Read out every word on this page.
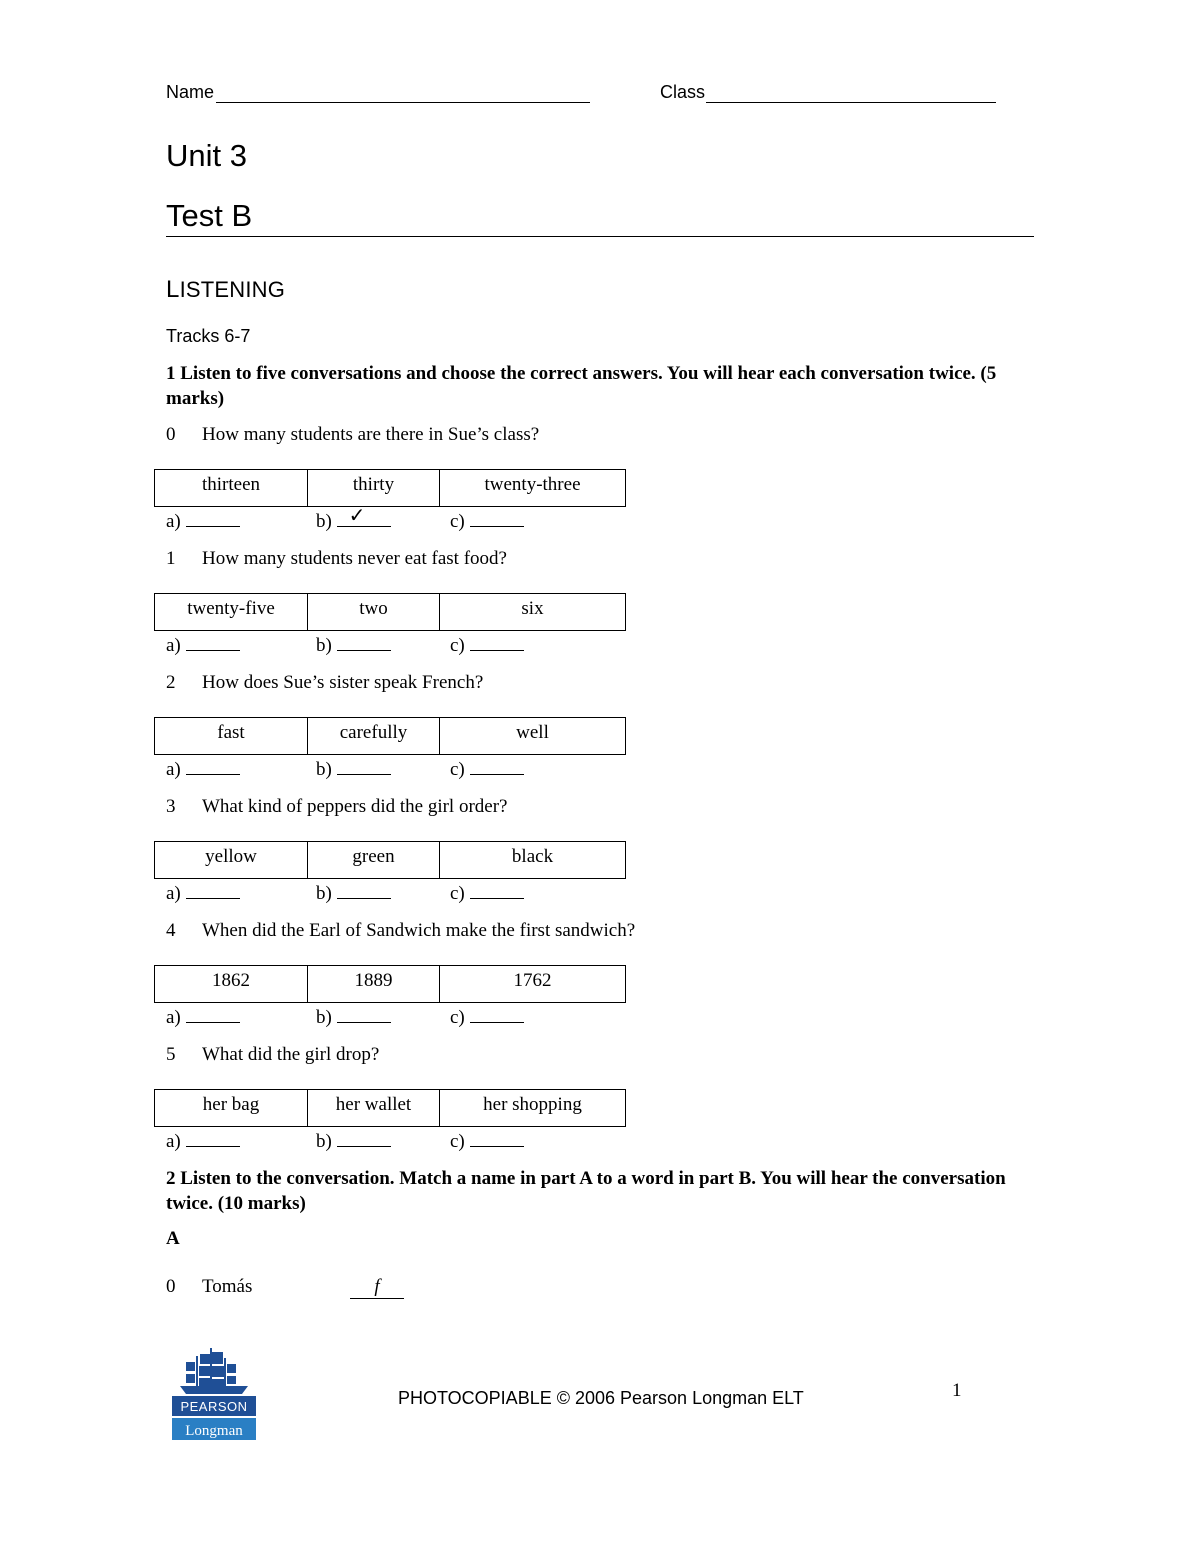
Name	Class
Unit 3
Test B
LISTENING
Tracks 6-7
1 Listen to five conversations and choose the correct answers. You will hear each conversation twice. (5 marks)
0	How many students are there in Sue’s class?
thirteen	thirty	twenty-three
a)	b) ✓	c)
1	How many students never eat fast food?
twenty-five	two	six
a)	b)	c)
2	How does Sue’s sister speak French?
fast	carefully	well
a)	b)	c)
3	What kind of peppers did the girl order?
yellow	green	black
a)	b)	c)
4	When did the Earl of Sandwich make the first sandwich?
1862	1889	1762
a)	b)	c)
5	What did the girl drop?
her bag	her wallet	her shopping
a)	b)	c)
2 Listen to the conversation. Match a name in part A to a word in part B. You will hear the conversation twice. (10 marks)
A
0 Tomás	f
PEARSON
Longman
PHOTOCOPIABLE © 2006 Pearson Longman ELT	1
